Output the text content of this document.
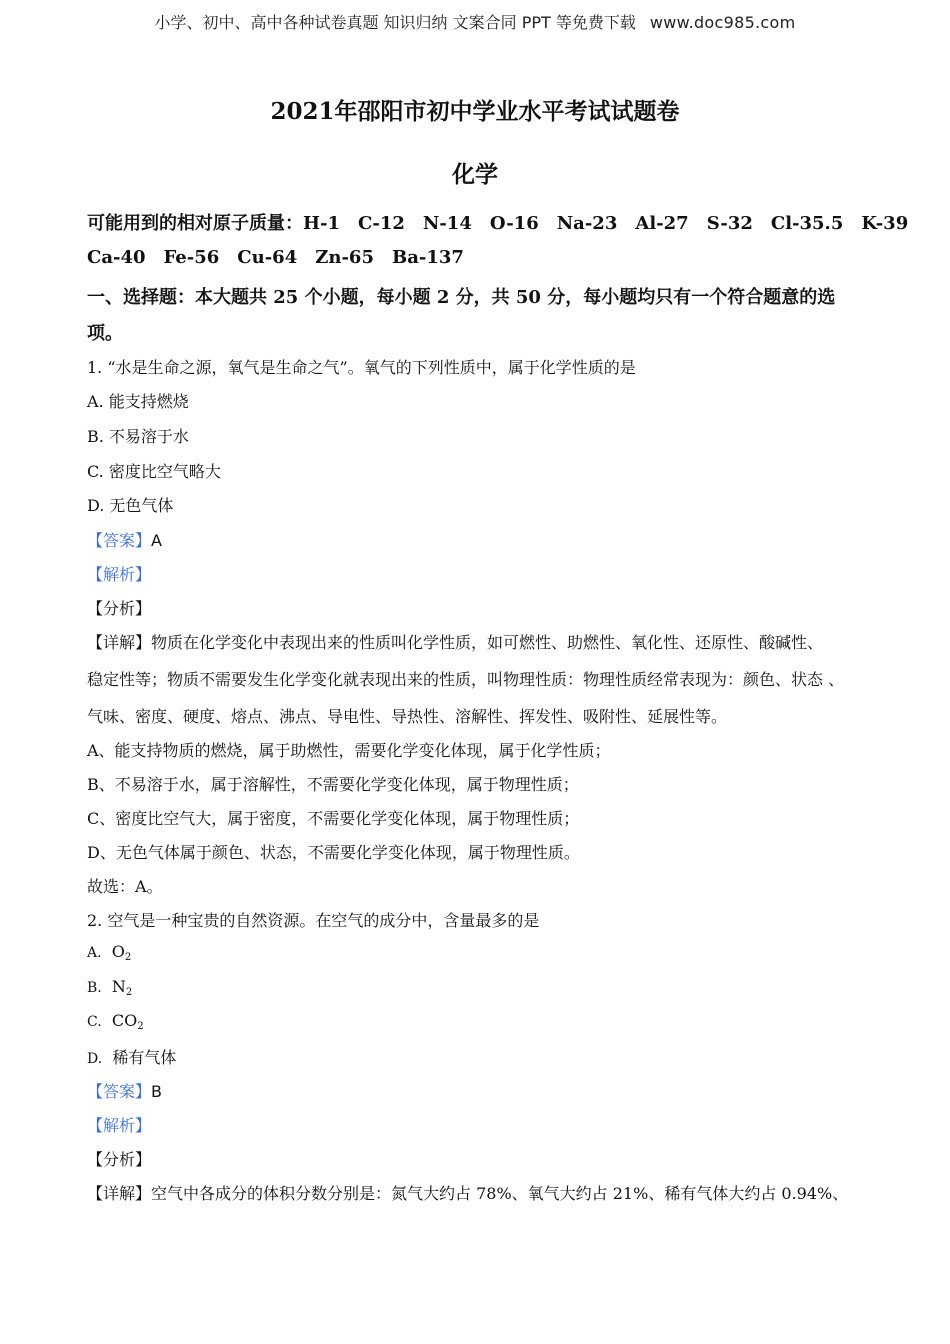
小学、初中、高中各种试卷真题 知识归纳 文案合同 PPT 等免费下载 www.doc985.com
2021年邵阳市初中学业水平考试试题卷
化学
可能用到的相对原子质量：H-1 C-12 N-14 O-16 Na-23 Al-27 S-32 Cl-35.5 K-39
Ca-40 Fe-56 Cu-64 Zn-65 Ba-137
一、选择题：本大题共 25 个小题，每小题 2 分，共 50 分，每小题均只有一个符合题意的选
项。
1. “水是生命之源，氧气是生命之气”。氧气的下列性质中，属于化学性质的是
A. 能支持燃烧
B. 不易溶于水
C. 密度比空气略大
D. 无色气体
【答案】A
【解析】
【分析】
【详解】物质在化学变化中表现出来的性质叫化学性质，如可燃性、助燃性、氧化性、还原性、酸碱性、
稳定性等；物质不需要发生化学变化就表现出来的性质，叫物理性质：物理性质经常表现为：颜色、状态 、
气味、密度、硬度、熔点、沸点、导电性、导热性、溶解性、挥发性、吸附性、延展性等。
A、能支持物质的燃烧，属于助燃性，需要化学变化体现，属于化学性质；
B、不易溶于水，属于溶解性，不需要化学变化体现，属于物理性质；
C、密度比空气大，属于密度，不需要化学变化体现，属于物理性质；
D、无色气体属于颜色、状态，不需要化学变化体现，属于物理性质。
故选：A。
2. 空气是一种宝贵的自然资源。在空气的成分中，含量最多的是
A. $O_2$
B. $N_2$
C. $CO_2$
D. 稀有气体
【答案】B
【解析】
【分析】
【详解】空气中各成分的体积分数分别是：氮气大约占 78%、氧气大约占 21%、稀有气体大约占 0.94%、
